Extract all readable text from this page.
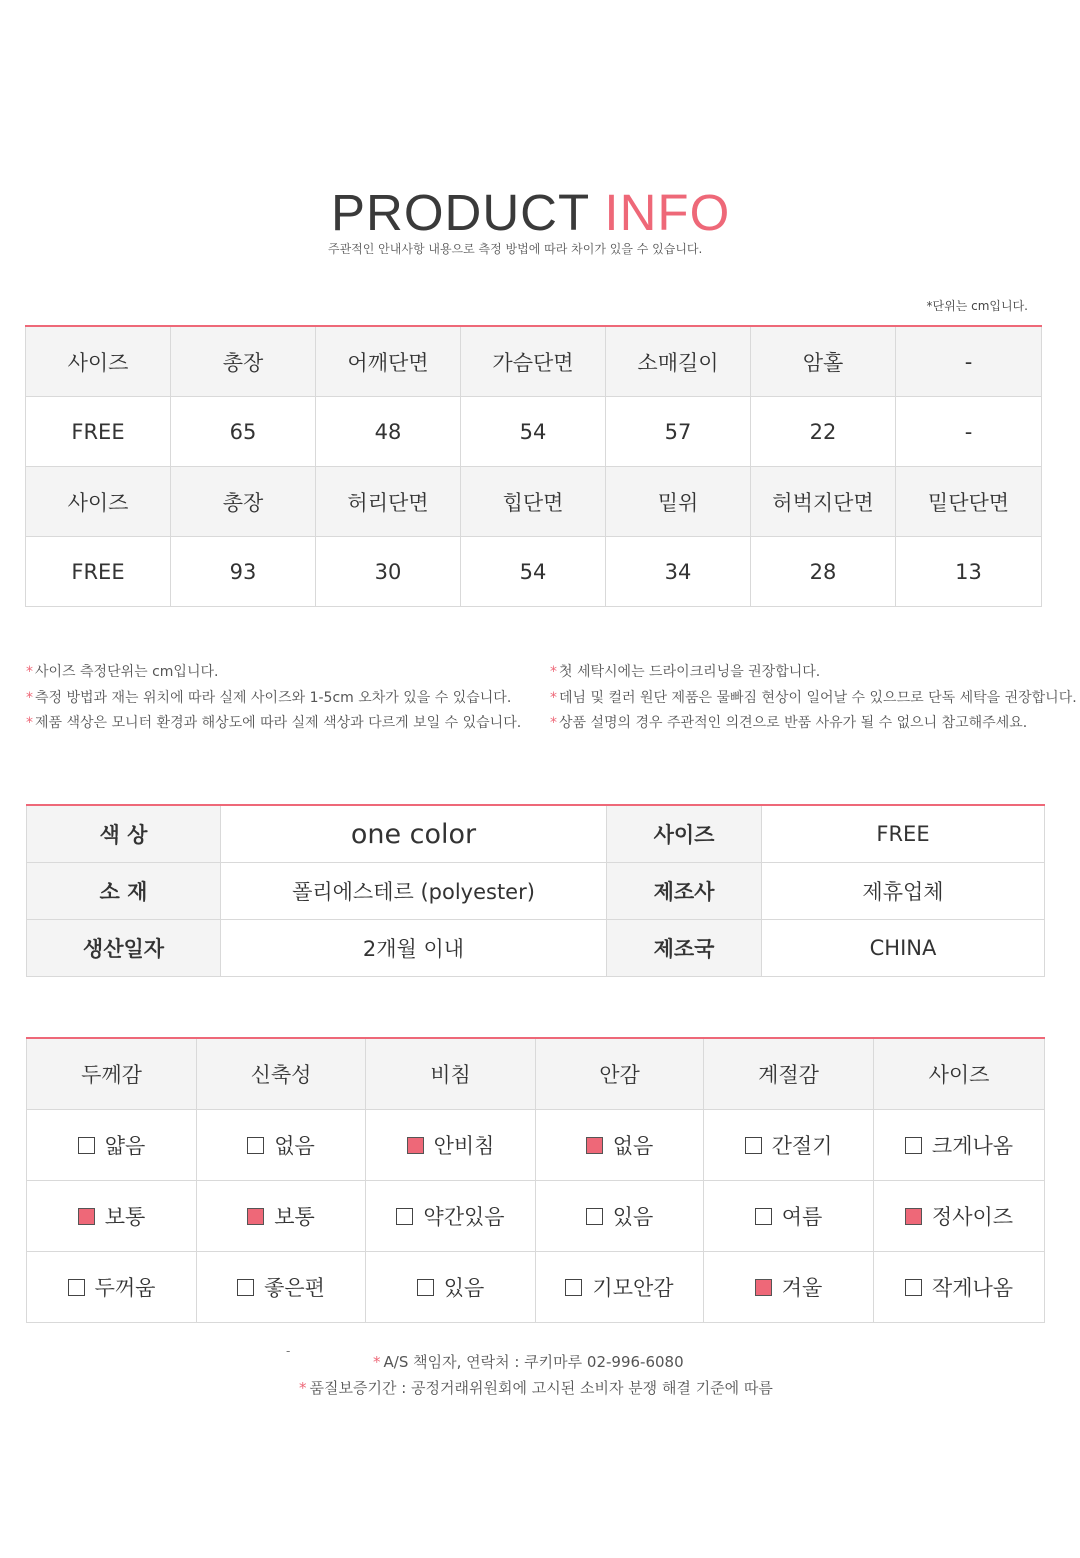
PRODUCT INFO
주관적인 안내사항 내용으로 측정 방법에 따라 차이가 있을 수 있습니다.
*단위는 cm입니다.
사이즈	총장	어깨단면	가슴단면	소매길이	암홀	-
FREE	65	48	54	57	22	-
사이즈	총장	허리단면	힙단면	밑위	허벅지단면	밑단단면
FREE	93	30	54	34	28	13
* 사이즈 측정단위는 cm입니다.
* 측정 방법과 재는 위치에 따라 실제 사이즈와 1-5cm 오차가 있을 수 있습니다.
* 제품 색상은 모니터 환경과 해상도에 따라 실제 색상과 다르게 보일 수 있습니다.
* 첫 세탁시에는 드라이크리닝을 권장합니다.
* 데님 및 컬러 원단 제품은 물빠짐 현상이 일어날 수 있으므로 단독 세탁을 권장합니다.
* 상품 설명의 경우 주관적인 의견으로 반품 사유가 될 수 없으니 참고해주세요.
색 상	one color	사이즈	FREE
소 재	폴리에스테르 (polyester)	제조사	제휴업체
생산일자	2개월 이내	제조국	CHINA
두께감	신축성	비침	안감	계절감	사이즈

얇음	없음	안비침	없음	간절기	크게나옴

보통	보통	약간있음	있음	여름	정사이즈

두꺼움	좋은편	있음	기모안감	겨울	작게나옴
-
* A/S 책임자, 연락처 : 쿠키마루 02-996-6080
* 품질보증기간 : 공정거래위원회에 고시된 소비자 분쟁 해결 기준에 따름
